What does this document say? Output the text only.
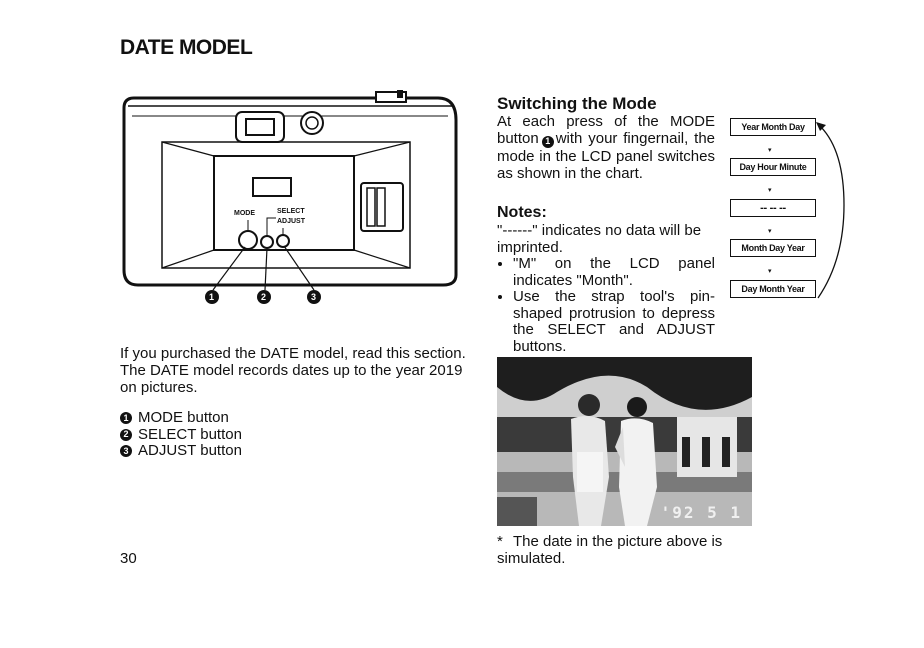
DATE MODEL
MODE	SELECT
ADJUST
1	2	3
If you purchased the DATE model, read this section. The DATE model records dates up to the year 2019 on pictures.
1 MODE button
2 SELECT button
3 ADJUST button
30
Switching the Mode
At each press of the MODE button 1 with your fingernail, the mode in the LCD panel switches as shown in the chart.
Notes:
"------" indicates no data will be imprinted.
• "M" on the LCD panel indicates "Month".
• Use the strap tool's pin-shaped protrusion to depress the SELECT and ADJUST buttons.
Year Month Day
▾
Day Hour Minute
▾
-- -- --
▾
Month Day Year
▾
Day Month Year
'92 5 1
* The date in the picture above is simulated.
